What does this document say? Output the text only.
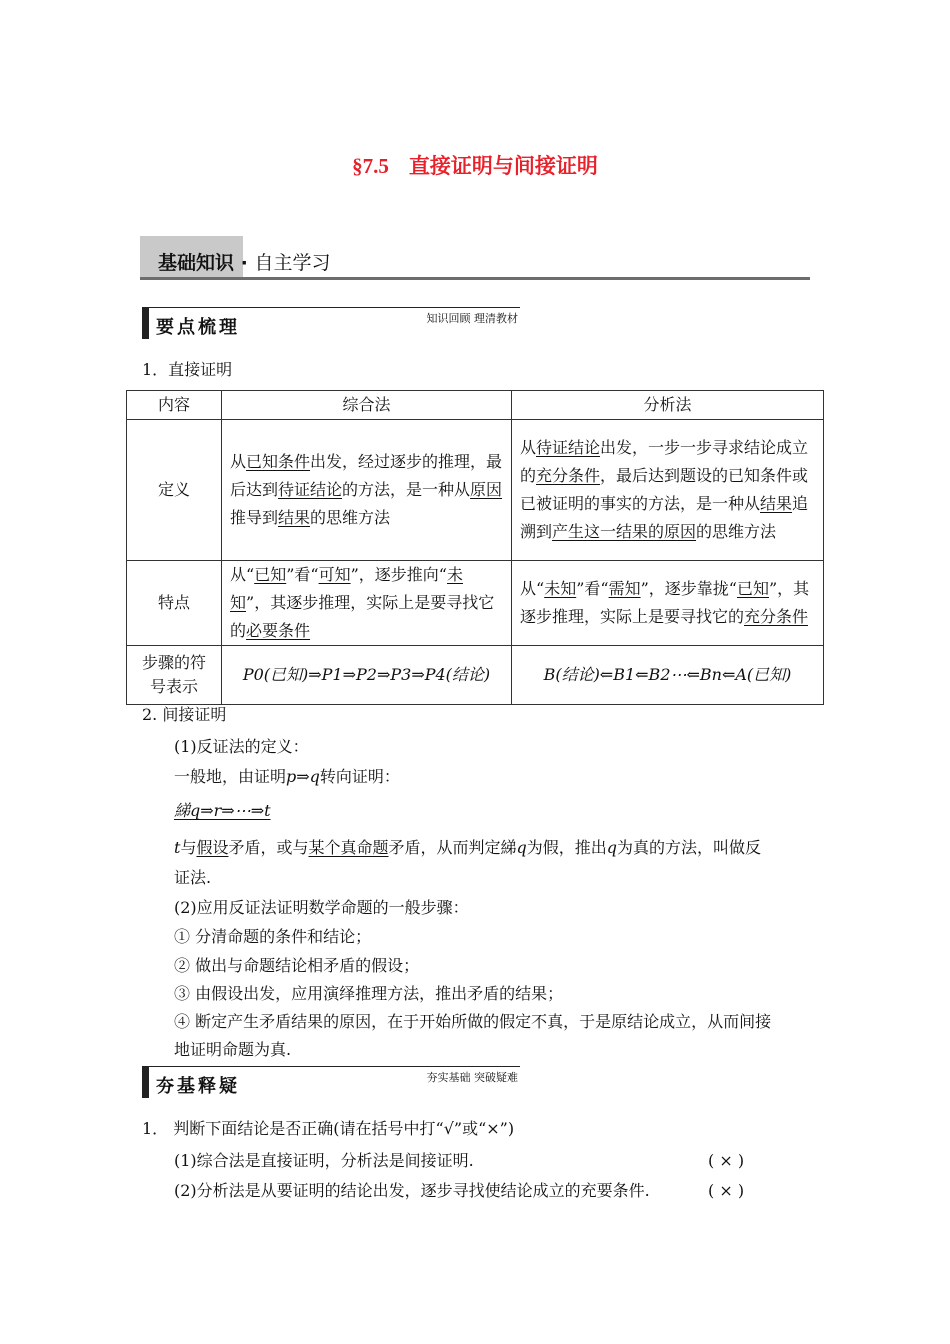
§7.5 直接证明与间接证明
基础知识 · 自主学习
要点梳理	知识回顾 理清教材
1．直接证明
内容	综合法	分析法
定义	从已知条件出发，经过逐步的推理，最后达到待证结论的方法，是一种从原因推导到结果的思维方法	从待证结论出发，一步一步寻求结论成立的充分条件，最后达到题设的已知条件或已被证明的事实的方法，是一种从结果追溯到产生这一结果的原因的思维方法
特点	从“已知”看“可知”，逐步推向“未知”，其逐步推理，实际上是要寻找它的必要条件	从“未知”看“需知”，逐步靠拢“已知”，其逐步推理，实际上是要寻找它的充分条件
步骤的符号表示	P0(已知)⇒P1⇒P2⇒P3⇒P4(结论)	B(结论)⇐B1⇐B2⋯⇐Bn⇐A(已知)
2. 间接证明
(1)反证法的定义：
一般地，由证明p⇒q转向证明：
綈q⇒r⇒⋯⇒t
t与假设矛盾，或与某个真命题矛盾，从而判定綈q为假，推出q为真的方法，叫做反
证法.
(2)应用反证法证明数学命题的一般步骤：
① 分清命题的条件和结论；
② 做出与命题结论相矛盾的假设；
③ 由假设出发，应用演绎推理方法，推出矛盾的结果；
④ 断定产生矛盾结果的原因，在于开始所做的假定不真，于是原结论成立，从而间接
地证明命题为真.
夯基释疑	夯实基础 突破疑难
1． 判断下面结论是否正确(请在括号中打“√”或“×”)
(1)综合法是直接证明，分析法是间接证明.	( × )
(2)分析法是从要证明的结论出发，逐步寻找使结论成立的充要条件.	( × )
